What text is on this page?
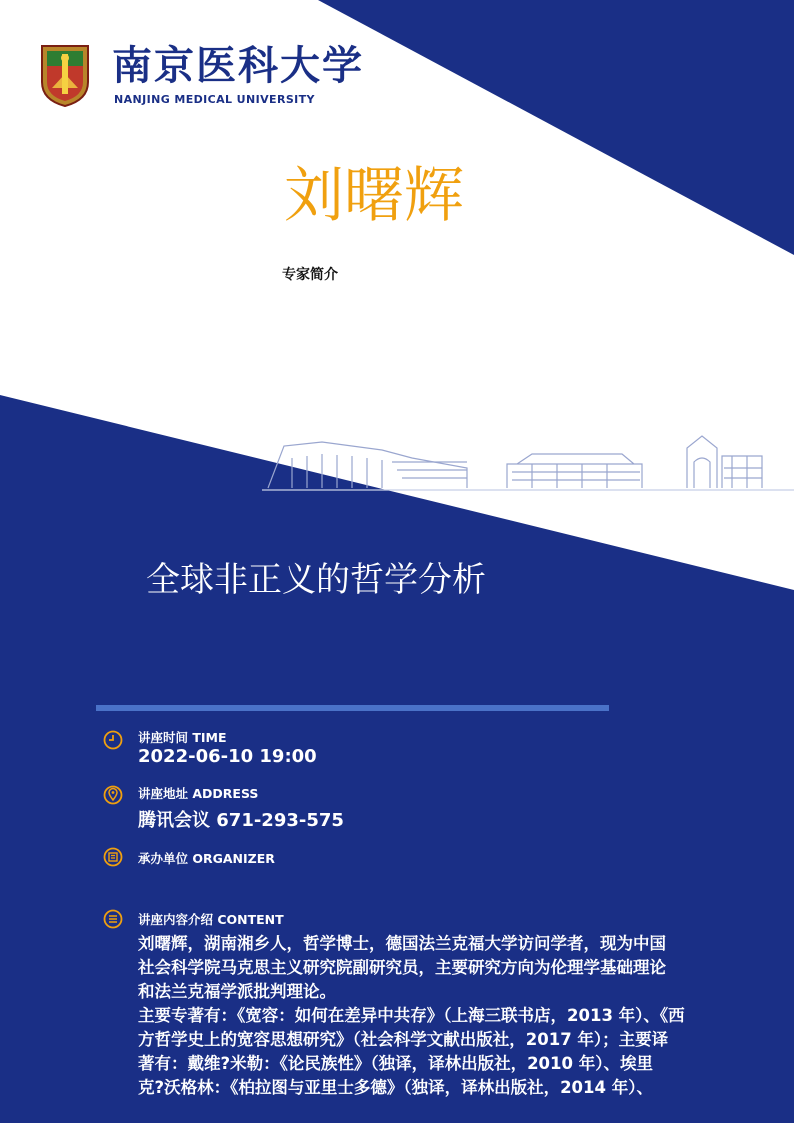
南京医科大学
NANJING MEDICAL UNIVERSITY
刘曙辉
专家简介
全球非正义的哲学分析
讲座时间 TIME
2022-06-10 19:00
讲座地址 ADDRESS
腾讯会议 671-293-575
承办单位 ORGANIZER
讲座内容介绍 CONTENT

刘曙辉，湖南湘乡人，哲学博士，德国法兰克福大学访问学者，现为中国

社会科学院马克思主义研究院副研究员，主要研究方向为伦理学基础理论

和法兰克福学派批判理论。

主要专著有：《宽容：如何在差异中共存》（上海三联书店，2013 年）、《西

方哲学史上的宽容思想研究》（社会科学文献出版社，2017 年）；主要译

著有：戴维?米勒：《论民族性》（独译，译林出版社，2010 年）、埃里

克?沃格林：《柏拉图与亚里士多德》（独译，译林出版社，2014 年）、
